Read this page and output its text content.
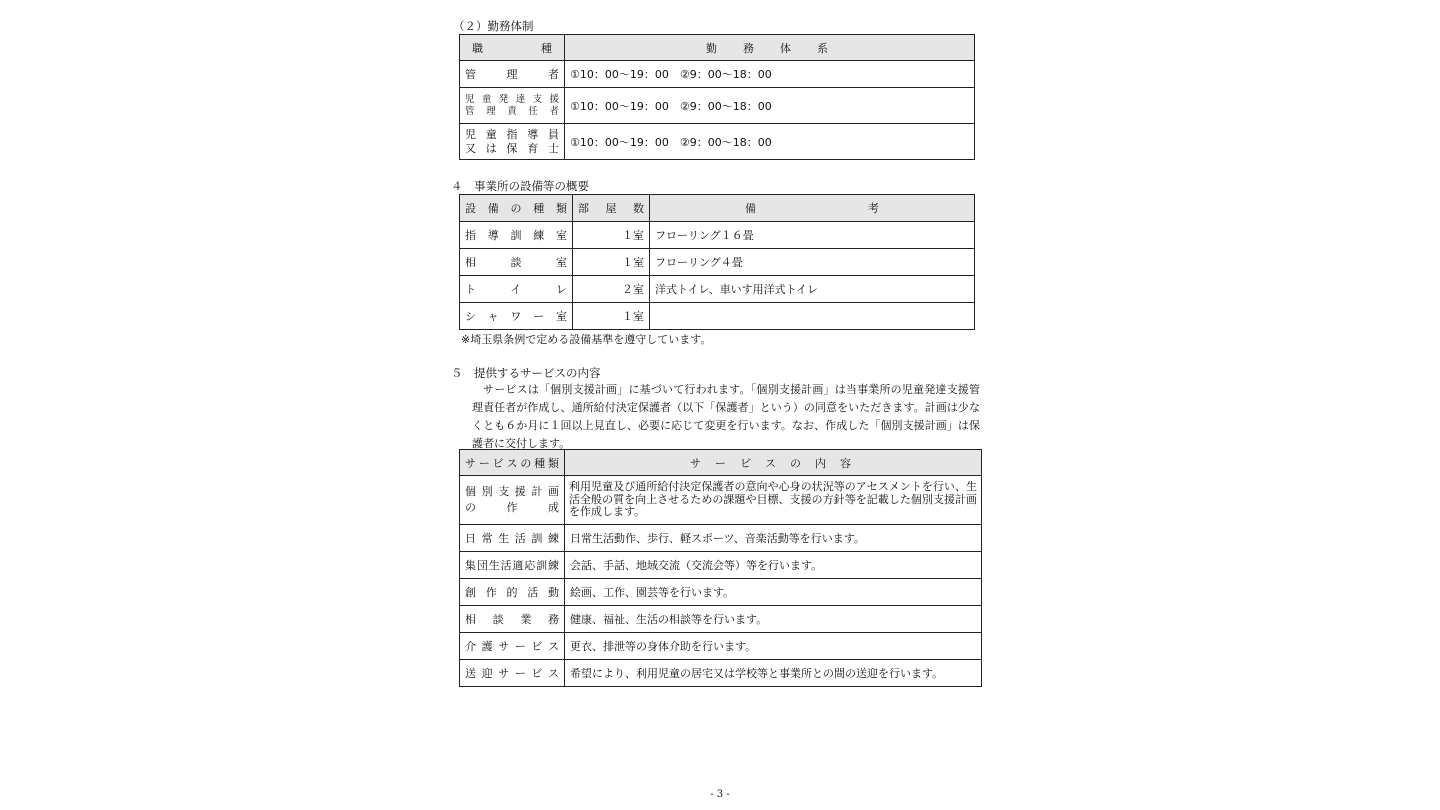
（２）勤務体制
職種	勤務体系
管理者	①10：00～19：00　②9：00～18：00

児童発達支援
管理責任者	①10：00～19：00　②9：00～18：00

児童指導員
又は保育士	①10：00～19：00　②9：00～18：00
４　事業所の設備等の概要
設備の種類	部屋数	備 考

指導訓練室	１室	フローリング１６畳
相談室	１室	フローリング４畳
トイレ	２室	洋式トイレ、車いす用洋式トイレ
シャワー室	１室	
※埼玉県条例で定める設備基準を遵守しています。
５　提供するサービスの内容
サービスは「個別支援計画」に基づいて行われます。「個別支援計画」は当事業所の児童発達支援管理責任者が作成し、通所給付決定保護者（以下「保護者」という）の同意をいただきます。計画は少なくとも６か月に１回以上見直し、必要に応じて変更を行います。なお、作成した「個別支援計画」は保護者に交付します。
サービスの種類	サービスの内容

個別支援計画
の作成	利用児童及び通所給付決定保護者の意向や心身の状況等のアセスメントを行い、生活全般の質を向上させるための課題や目標、支援の方針等を記載した個別支援計画を作成します。
日常生活訓練	日常生活動作、歩行、軽スポーツ、音楽活動等を行います。
集団生活適応訓練	会話、手話、地域交流（交流会等）等を行います。
創作的活動	絵画、工作、園芸等を行います。
相談業務	健康、福祉、生活の相談等を行います。
介護サービス	更衣、排泄等の身体介助を行います。
送迎サービス	希望により、利用児童の居宅又は学校等と事業所との間の送迎を行います。
- 3 -
